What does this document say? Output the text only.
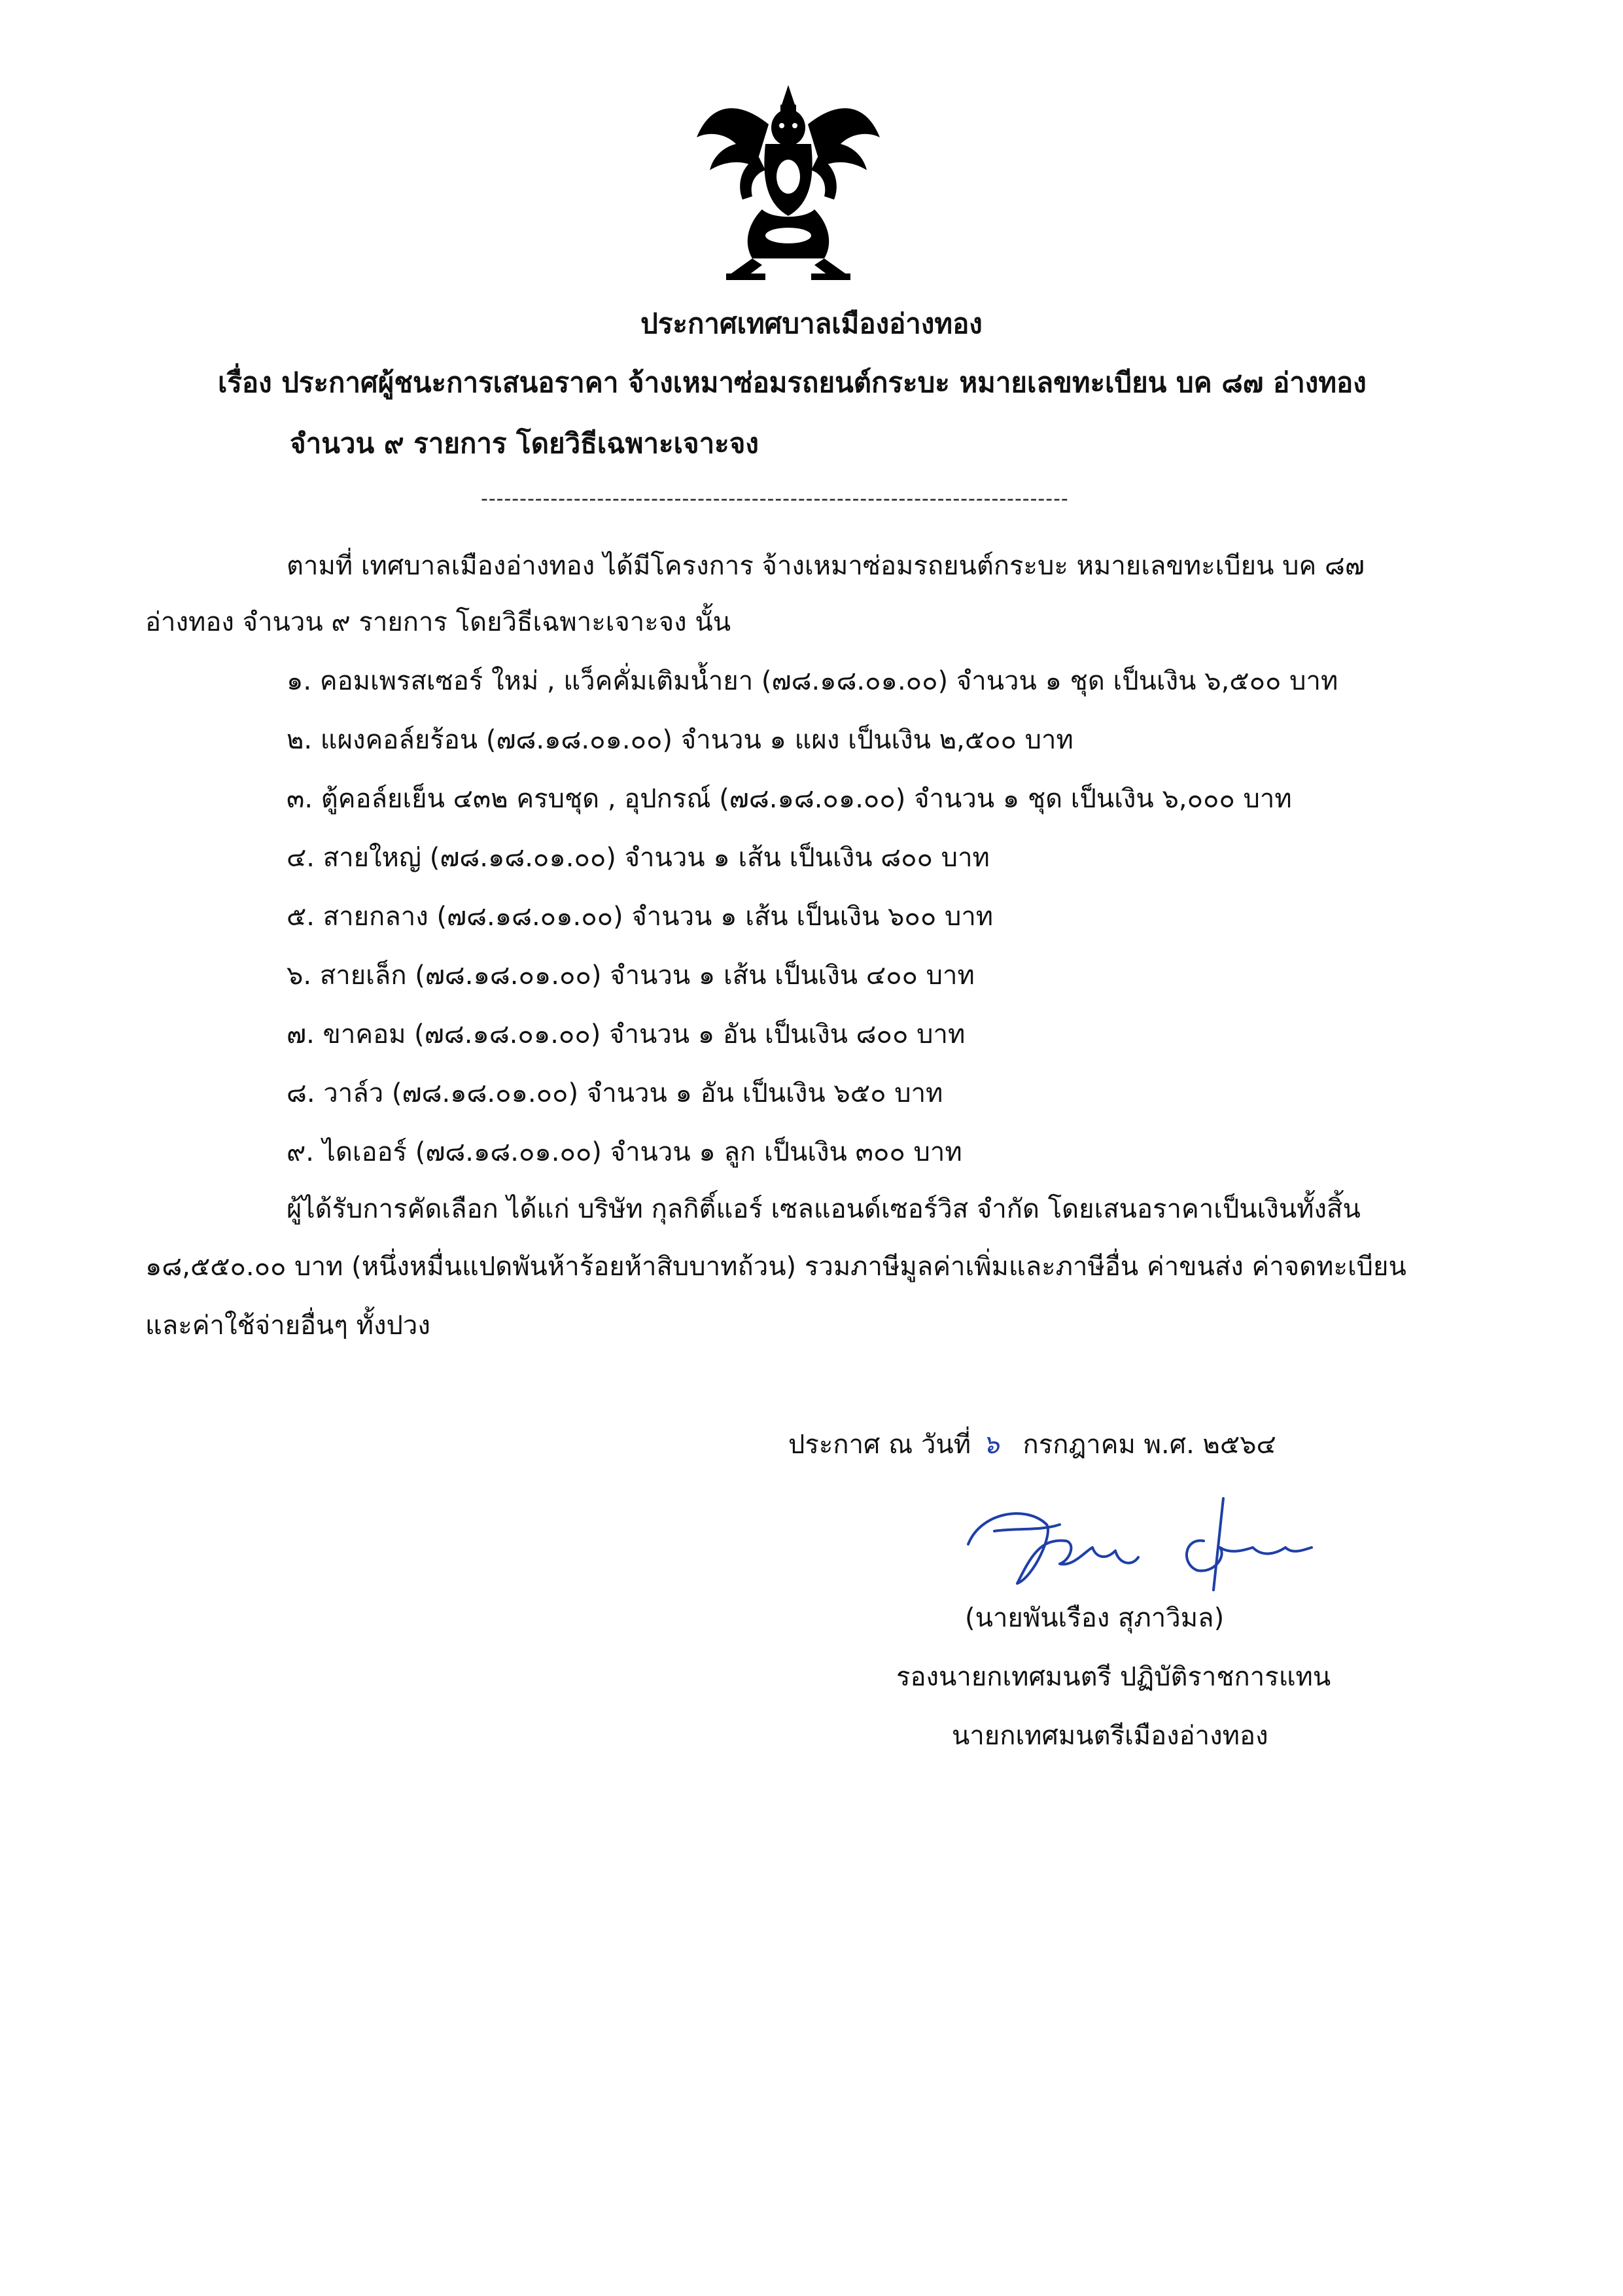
ประกาศเทศบาลเมืองอ่างทอง
เรื่อง ประกาศผู้ชนะการเสนอราคา จ้างเหมาซ่อมรถยนต์กระบะ หมายเลขทะเบียน บค ๘๗ อ่างทอง
จำนวน ๙ รายการ โดยวิธีเฉพาะเจาะจง
----------------------------------------------------------------------------
ตามที่ เทศบาลเมืองอ่างทอง ได้มีโครงการ จ้างเหมาซ่อมรถยนต์กระบะ หมายเลขทะเบียน บค ๘๗
อ่างทอง จำนวน ๙ รายการ โดยวิธีเฉพาะเจาะจง นั้น
๑. คอมเพรสเซอร์ ใหม่ , แว็คคั่มเติมน้ำยา (๗๘.๑๘.๐๑.๐๐) จำนวน ๑ ชุด เป็นเงิน ๖,๕๐๐ บาท
๒. แผงคอล์ยร้อน (๗๘.๑๘.๐๑.๐๐) จำนวน ๑ แผง เป็นเงิน ๒,๕๐๐ บาท
๓. ตู้คอล์ยเย็น ๔๓๒ ครบชุด , อุปกรณ์ (๗๘.๑๘.๐๑.๐๐) จำนวน ๑ ชุด เป็นเงิน ๖,๐๐๐ บาท
๔. สายใหญ่ (๗๘.๑๘.๐๑.๐๐) จำนวน ๑ เส้น เป็นเงิน ๘๐๐ บาท
๕. สายกลาง (๗๘.๑๘.๐๑.๐๐) จำนวน ๑ เส้น เป็นเงิน ๖๐๐ บาท
๖. สายเล็ก (๗๘.๑๘.๐๑.๐๐) จำนวน ๑ เส้น เป็นเงิน ๔๐๐ บาท
๗. ขาคอม (๗๘.๑๘.๐๑.๐๐) จำนวน ๑ อัน เป็นเงิน ๘๐๐ บาท
๘. วาล์ว (๗๘.๑๘.๐๑.๐๐) จำนวน ๑ อัน เป็นเงิน ๖๕๐ บาท
๙. ไดเออร์ (๗๘.๑๘.๐๑.๐๐) จำนวน ๑ ลูก เป็นเงิน ๓๐๐ บาท
ผู้ได้รับการคัดเลือก ได้แก่ บริษัท กุลกิติ์แอร์ เซลแอนด์เซอร์วิส จำกัด โดยเสนอราคาเป็นเงินทั้งสิ้น
๑๘,๕๕๐.๐๐ บาท (หนึ่งหมื่นแปดพันห้าร้อยห้าสิบบาทถ้วน) รวมภาษีมูลค่าเพิ่มและภาษีอื่น ค่าขนส่ง ค่าจดทะเบียน
และค่าใช้จ่ายอื่นๆ ทั้งปวง
ประกาศ ณ วันที่ ๖ กรกฎาคม พ.ศ. ๒๕๖๔
(นายพันเรือง สุภาวิมล)
รองนายกเทศมนตรี ปฏิบัติราชการแทน
นายกเทศมนตรีเมืองอ่างทอง
